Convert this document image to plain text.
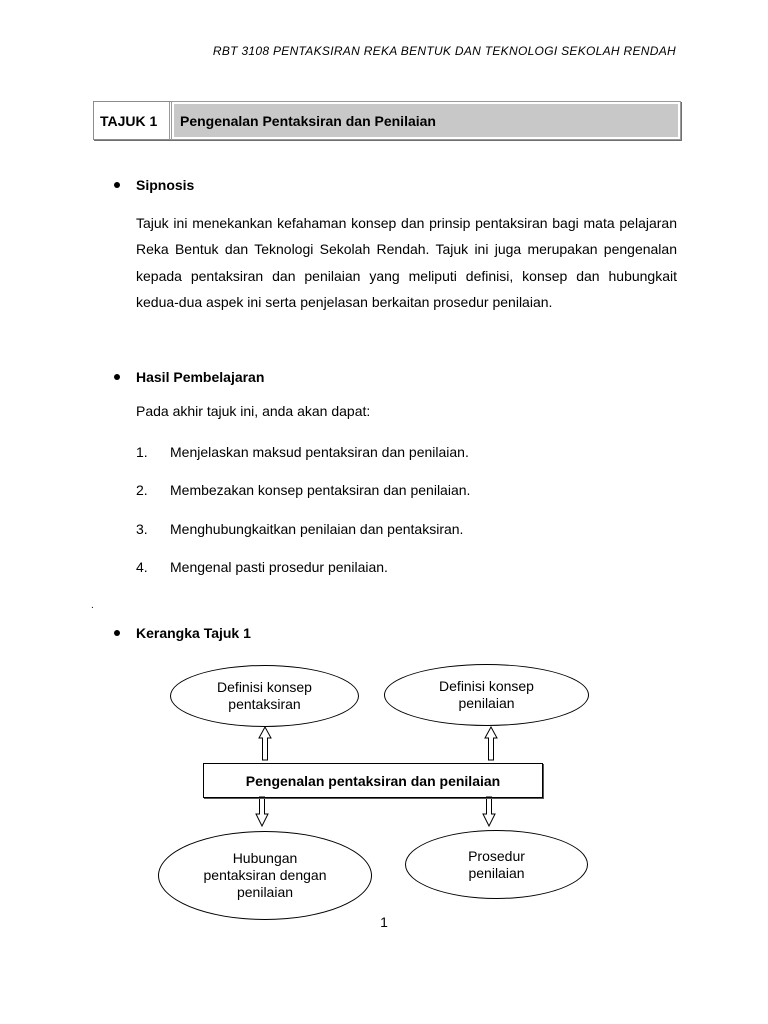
RBT 3108 PENTAKSIRAN REKA BENTUK DAN TEKNOLOGI SEKOLAH RENDAH
TAJUK 1	Pengenalan Pentaksiran dan Penilaian
Sipnosis
Tajuk ini menekankan kefahaman konsep dan prinsip pentaksiran bagi mata pelajaran Reka Bentuk dan Teknologi Sekolah Rendah. Tajuk ini juga merupakan pengenalan kepada pentaksiran dan penilaian yang meliputi definisi, konsep dan hubungkait kedua-dua aspek ini serta penjelasan berkaitan prosedur penilaian.
Hasil Pembelajaran
Pada akhir tajuk ini, anda akan dapat:
1. Menjelaskan maksud pentaksiran dan penilaian.
2. Membezakan konsep pentaksiran dan penilaian.
3. Menghubungkaitkan penilaian dan pentaksiran.
4. Mengenal pasti prosedur penilaian.
.
Kerangka Tajuk 1
Definisi konsep
pentaksiran
Definisi konsep
penilaian
Pengenalan pentaksiran dan penilaian
Hubungan
pentaksiran dengan
penilaian
Prosedur
penilaian
1
